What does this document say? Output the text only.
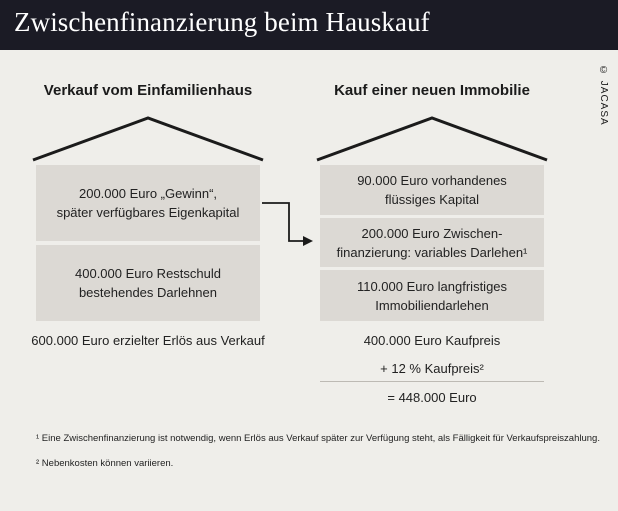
Zwischenfinanzierung beim Hauskauf
© JACASA
Verkauf vom Einfamilienhaus
200.000 Euro „Gewinn“,
später verfügbares Eigenkapital
400.000 Euro Restschuld
bestehendes Darlehnen
600.000 Euro erzielter Erlös aus Verkauf
Kauf einer neuen Immobilie
90.000 Euro vorhandenes
flüssiges Kapital
200.000 Euro Zwischen-
finanzierung: variables Darlehen¹
110.000 Euro langfristiges
Immobiliendarlehen
400.000 Euro Kaufpreis
+ 12 % Kaufpreis²
= 448.000 Euro
¹ Eine Zwischenfinanzierung ist notwendig, wenn Erlös aus Verkauf später zur Verfügung steht, als Fälligkeit für Verkaufspreiszahlung.
² Nebenkosten können variieren.
